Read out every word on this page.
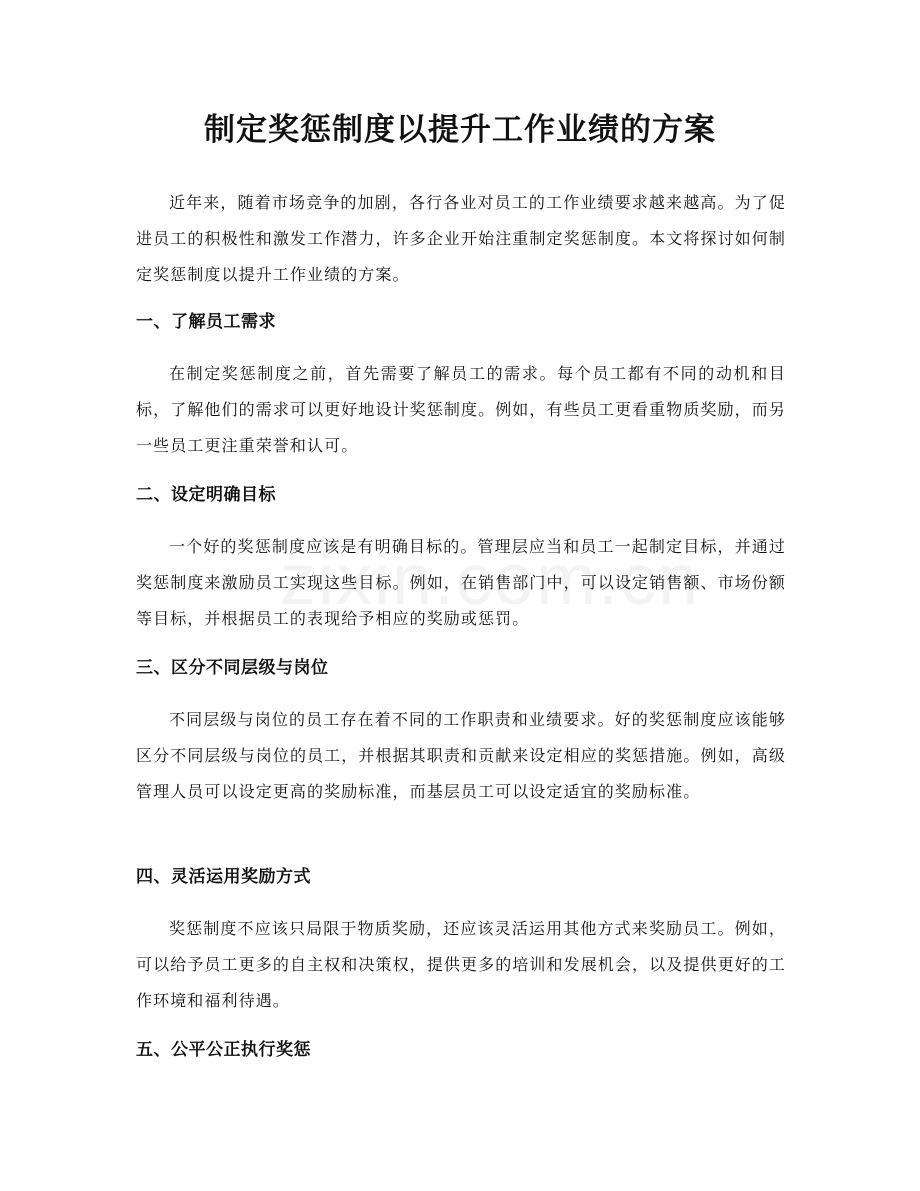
制定奖惩制度以提升工作业绩的方案

近年来，随着市场竞争的加剧，各行各业对员工的工作业绩要求越来越高。为了促进员工的积极性和激发工作潜力，许多企业开始注重制定奖惩制度。本文将探讨如何制定奖惩制度以提升工作业绩的方案。

一、了解员工需求

在制定奖惩制度之前，首先需要了解员工的需求。每个员工都有不同的动机和目标，了解他们的需求可以更好地设计奖惩制度。例如，有些员工更看重物质奖励，而另一些员工更注重荣誉和认可。

二、设定明确目标

一个好的奖惩制度应该是有明确目标的。管理层应当和员工一起制定目标，并通过奖惩制度来激励员工实现这些目标。例如，在销售部门中，可以设定销售额、市场份额等目标，并根据员工的表现给予相应的奖励或惩罚。

三、区分不同层级与岗位

不同层级与岗位的员工存在着不同的工作职责和业绩要求。好的奖惩制度应该能够区分不同层级与岗位的员工，并根据其职责和贡献来设定相应的奖惩措施。例如，高级管理人员可以设定更高的奖励标准，而基层员工可以设定适宜的奖励标准。

四、灵活运用奖励方式

奖惩制度不应该只局限于物质奖励，还应该灵活运用其他方式来奖励员工。例如，可以给予员工更多的自主权和决策权，提供更多的培训和发展机会，以及提供更好的工作环境和福利待遇。

五、公平公正执行奖惩
